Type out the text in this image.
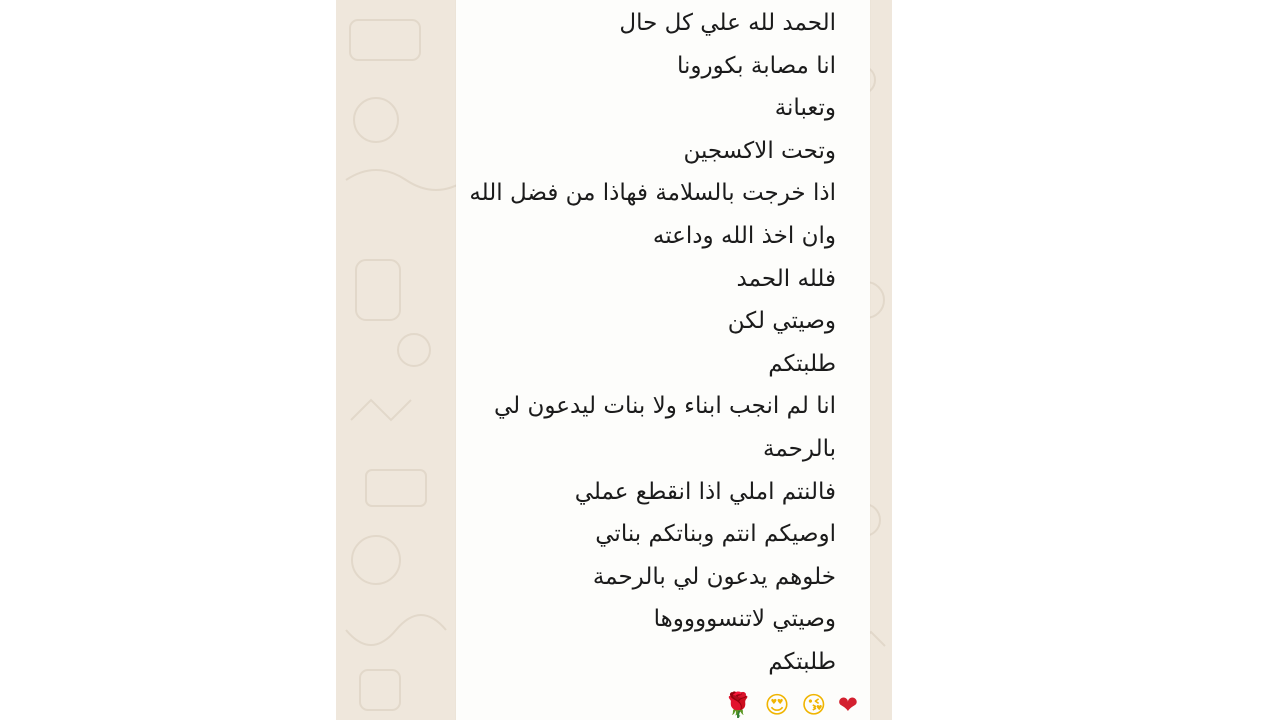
الحمد لله علي كل حال
انا مصابة بكورونا
وتعبانة
وتحت الاكسجين
اذا خرجت بالسلامة فهاذا من فضل الله
وان اخذ الله وداعته
فلله الحمد
وصيتي لكن
طلبتكم
انا لم انجب ابناء ولا بنات ليدعون لي
بالرحمة
فالنتم املي اذا انقطع عملي
اوصيكم انتم وبناتكم بناتي
خلوهم يدعون لي بالرحمة
وصيتي لاتنسووووها
طلبتكم
❤ 😘 😍 🌹
